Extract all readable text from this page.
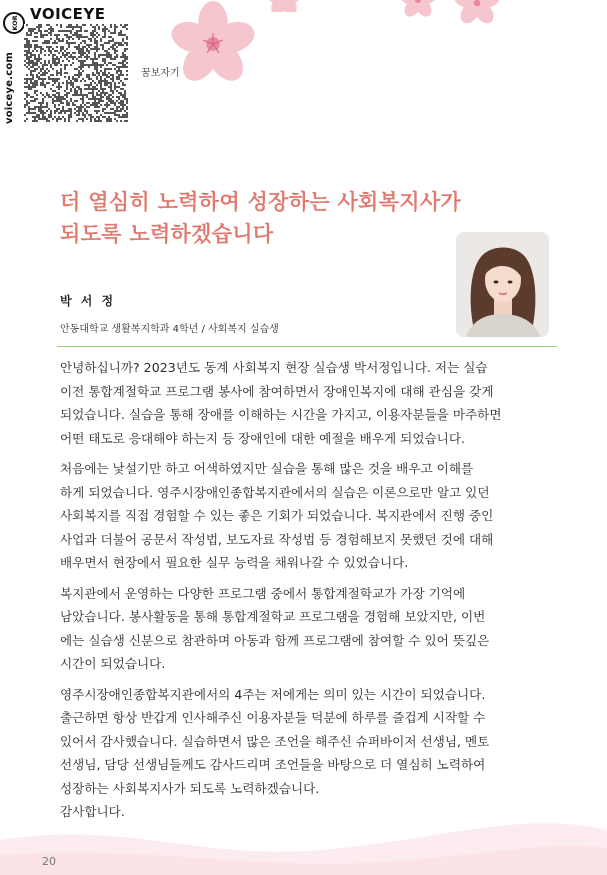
KOR VOICEYE
voiceye.com	꿈보자기
더 열심히 노력하여 성장하는 사회복지사가
되도록 노력하겠습니다
박 서 정
안동대학교 생활복지학과 4학년 / 사회복지 실습생

안녕하십니까? 2023년도 동계 사회복지 현장 실습생 박서정입니다. 저는 실습
이전 통합계절학교 프로그램 봉사에 참여하면서 장애인복지에 대해 관심을 갖게
되었습니다. 실습을 통해 장애를 이해하는 시간을 가지고, 이용자분들을 마주하면
어떤 태도로 응대해야 하는지 등 장애인에 대한 예절을 배우게 되었습니다.

처음에는 낯설기만 하고 어색하였지만 실습을 통해 많은 것을 배우고 이해를
하게 되었습니다. 영주시장애인종합복지관에서의 실습은 이론으로만 알고 있던
사회복지를 직접 경험할 수 있는 좋은 기회가 되었습니다. 복지관에서 진행 중인
사업과 더불어 공문서 작성법, 보도자료 작성법 등 경험해보지 못했던 것에 대해
배우면서 현장에서 필요한 실무 능력을 채워나갈 수 있었습니다.

복지관에서 운영하는 다양한 프로그램 중에서 통합계절학교가 가장 기억에
남았습니다. 봉사활동을 통해 통합계절학교 프로그램을 경험해 보았지만, 이번
에는 실습생 신분으로 참관하며 아동과 함께 프로그램에 참여할 수 있어 뜻깊은
시간이 되었습니다.

영주시장애인종합복지관에서의 4주는 저에게는 의미 있는 시간이 되었습니다.
출근하면 항상 반갑게 인사해주신 이용자분들 덕분에 하루를 즐겁게 시작할 수
있어서 감사했습니다. 실습하면서 많은 조언을 해주신 슈퍼바이저 선생님, 멘토
선생님, 담당 선생님들께도 감사드리며 조언들을 바탕으로 더 열심히 노력하여
성장하는 사회복지사가 되도록 노력하겠습니다.
감사합니다.

20
